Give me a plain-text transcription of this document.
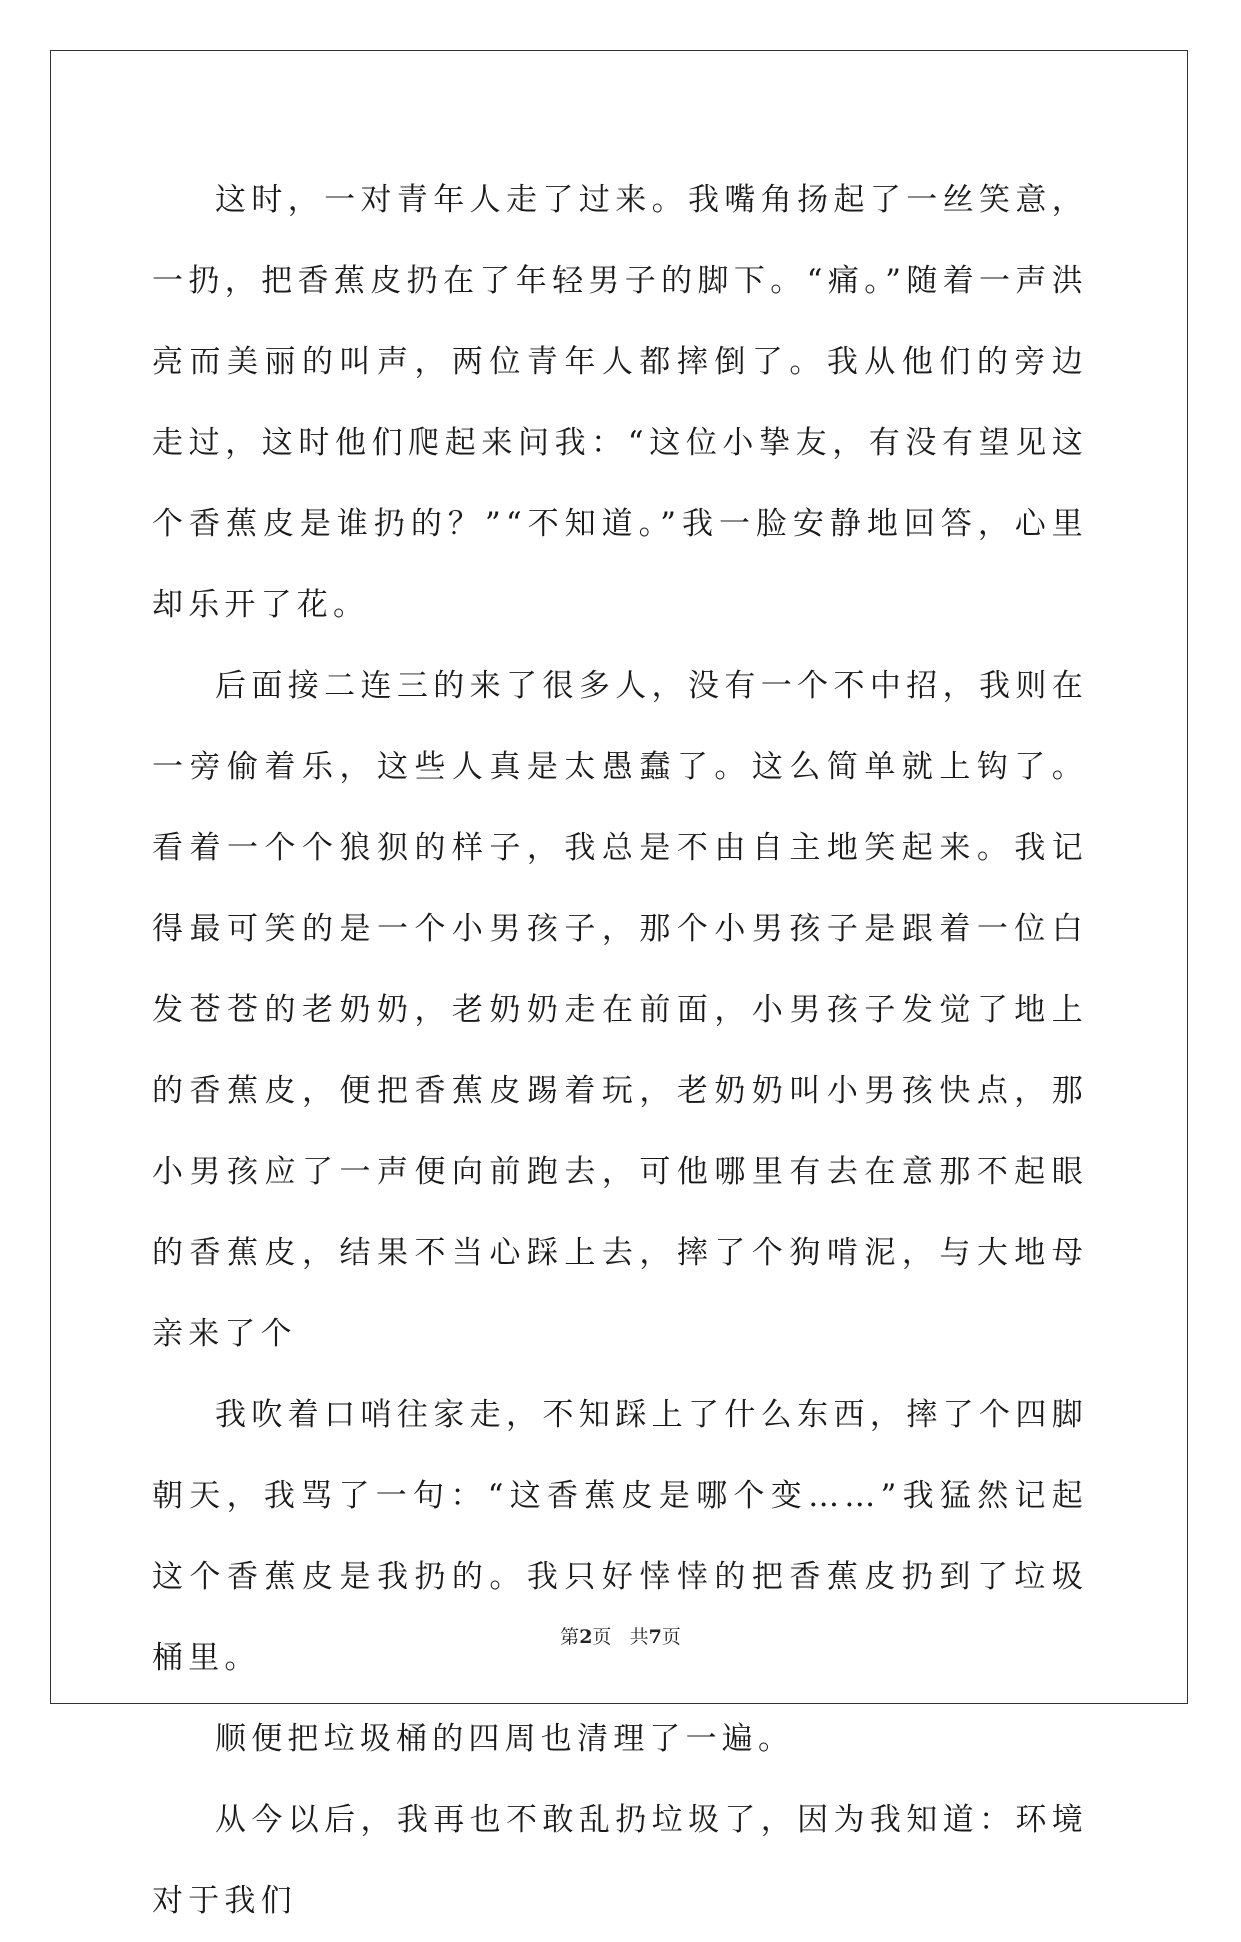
这时，一对青年人走了过来。我嘴角扬起了一丝笑意，一扔，把香蕉皮扔在了年轻男子的脚下。“痛。”随着一声洪亮而美丽的叫声，两位青年人都摔倒了。我从他们的旁边走过，这时他们爬起来问我：“这位小挚友，有没有望见这个香蕉皮是谁扔的？”“不知道。”我一脸安静地回答，心里却乐开了花。

后面接二连三的来了很多人，没有一个不中招，我则在一旁偷着乐，这些人真是太愚蠢了。这么简单就上钩了。看着一个个狼狈的样子，我总是不由自主地笑起来。我记得最可笑的是一个小男孩子，那个小男孩子是跟着一位白发苍苍的老奶奶，老奶奶走在前面，小男孩子发觉了地上的香蕉皮，便把香蕉皮踢着玩，老奶奶叫小男孩快点，那小男孩应了一声便向前跑去，可他哪里有去在意那不起眼的香蕉皮，结果不当心踩上去，摔了个狗啃泥，与大地母亲来了个

我吹着口哨往家走，不知踩上了什么东西，摔了个四脚朝天，我骂了一句：“这香蕉皮是哪个变……”我猛然记起这个香蕉皮是我扔的。我只好悻悻的把香蕉皮扔到了垃圾桶里。

顺便把垃圾桶的四周也清理了一遍。

从今以后，我再也不敢乱扔垃圾了，因为我知道：环境对于我们

第2页 共7页
